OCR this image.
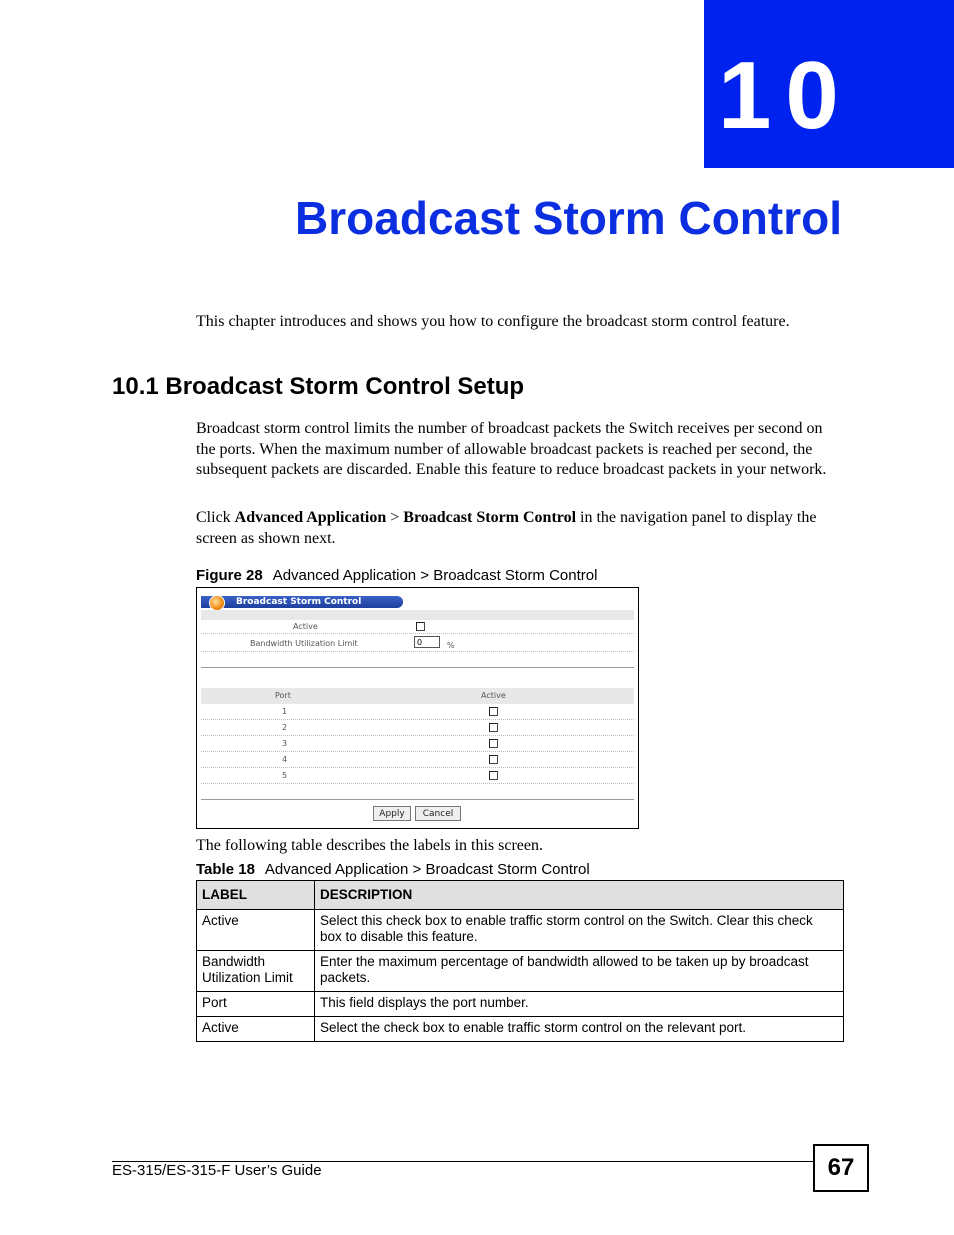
10
Broadcast Storm Control
This chapter introduces and shows you how to configure the broadcast storm control feature.
10.1 Broadcast Storm Control Setup
Broadcast storm control limits the number of broadcast packets the Switch receives per second on the ports. When the maximum number of allowable broadcast packets is reached per second, the subsequent packets are discarded. Enable this feature to reduce broadcast packets in your network.
Click Advanced Application > Broadcast Storm Control in the navigation panel to display the screen as shown next.
Figure 28 Advanced Application > Broadcast Storm Control
Broadcast Storm Control
Active
Bandwidth Utilization Limit	0	%
Port	Active
1
2
3
4
5
Apply	Cancel
The following table describes the labels in this screen.
Table 18 Advanced Application > Broadcast Storm Control
LABEL	DESCRIPTION
Active	Select this check box to enable traffic storm control on the Switch. Clear this check box to disable this feature.
Bandwidth Utilization Limit	Enter the maximum percentage of bandwidth allowed to be taken up by broadcast packets.
Port	This field displays the port number.
Active	Select the check box to enable traffic storm control on the relevant port.
ES-315/ES-315-F User’s Guide	67
